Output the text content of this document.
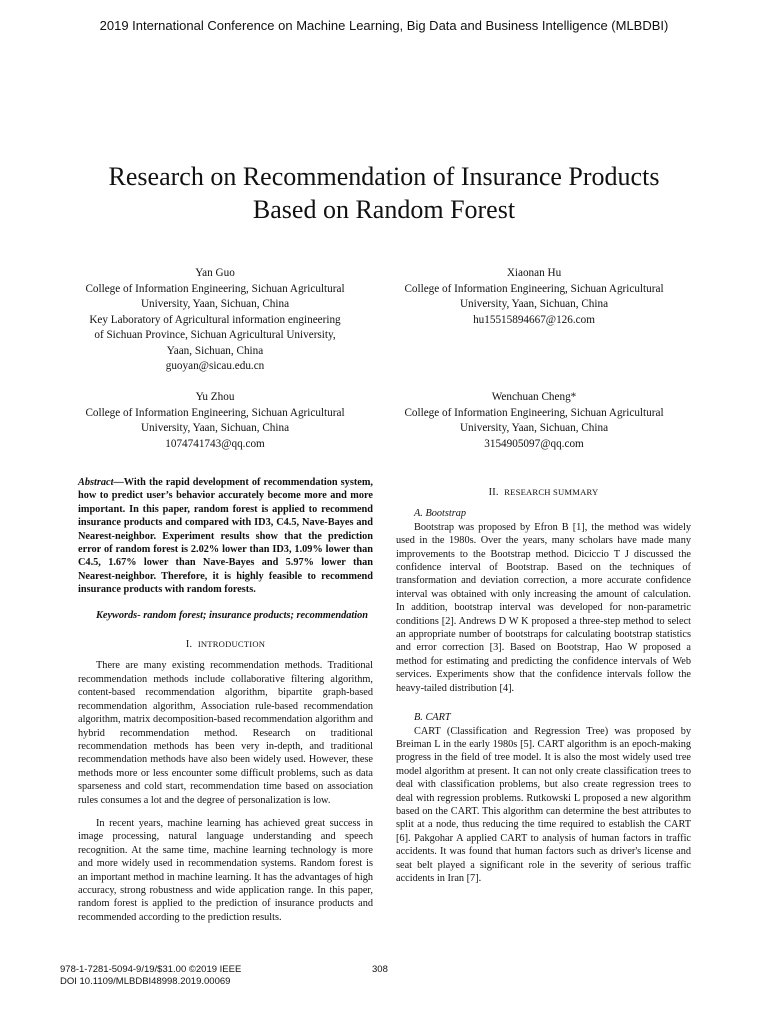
2019 International Conference on Machine Learning, Big Data and Business Intelligence (MLBDBI)
Research on Recommendation of Insurance Products
Based on Random Forest
Yan Guo
College of Information Engineering, Sichuan Agricultural
University, Yaan, Sichuan, China
Key Laboratory of Agricultural information engineering
of Sichuan Province, Sichuan Agricultural University,
Yaan, Sichuan, China
guoyan@sicau.edu.cn
Xiaonan Hu
College of Information Engineering, Sichuan Agricultural
University, Yaan, Sichuan, China
hu15515894667@126.com
Yu Zhou
College of Information Engineering, Sichuan Agricultural
University, Yaan, Sichuan, China
1074741743@qq.com
Wenchuan Cheng*
College of Information Engineering, Sichuan Agricultural
University, Yaan, Sichuan, China
3154905097@qq.com

Abstract—With the rapid development of recommendation system, how to predict user’s behavior accurately become more and more important. In this paper, random forest is applied to recommend insurance products and compared with ID3, C4.5, Nave-Bayes and Nearest-neighbor. Experiment results show that the prediction error of random forest is 2.02% lower than ID3, 1.09% lower than C4.5, 1.67% lower than Nave-Bayes and 5.97% lower than Nearest-neighbor. Therefore, it is highly feasible to recommend insurance products with random forests.

Keywords- random forest; insurance products; recommendation

I. INTRODUCTION

There are many existing recommendation methods. Traditional recommendation methods include collaborative filtering algorithm, content-based recommendation algorithm, bipartite graph-based recommendation algorithm, Association rule-based recommendation algorithm, matrix decomposition-based recommendation algorithm and hybrid recommendation method. Research on traditional recommendation methods has been very in-depth, and traditional recommendation methods have also been widely used. However, these methods more or less encounter some difficult problems, such as data sparseness and cold start, recommendation time based on association rules consumes a lot and the degree of personalization is low.

In recent years, machine learning has achieved great success in image processing, natural language understanding and speech recognition. At the same time, machine learning technology is more and more widely used in recommendation systems. Random forest is an important method in machine learning. It has the advantages of high accuracy, strong robustness and wide application range. In this paper, random forest is applied to the prediction of insurance products and recommended according to the prediction results.

II. RESEARCH SUMMARY

A. Bootstrap

Bootstrap was proposed by Efron B [1], the method was widely used in the 1980s. Over the years, many scholars have made many improvements to the Bootstrap method. Diciccio T J discussed the confidence interval of Bootstrap. Based on the techniques of transformation and deviation correction, a more accurate confidence interval was obtained with only increasing the amount of calculation. In addition, bootstrap interval was developed for non-parametric conditions [2]. Andrews D W K proposed a three-step method to select an appropriate number of bootstraps for calculating bootstrap statistics and error correction [3]. Based on Bootstrap, Hao W proposed a method for estimating and predicting the confidence intervals of Web services. Experiments show that the confidence intervals follow the heavy-tailed distribution [4].

B. CART

CART (Classification and Regression Tree) was proposed by Breiman L in the early 1980s [5]. CART algorithm is an epoch-making progress in the field of tree model. It is also the most widely used tree model algorithm at present. It can not only create classification trees to deal with classification problems, but also create regression trees to deal with regression problems. Rutkowski L proposed a new algorithm based on the CART. This algorithm can determine the best attributes to split at a node, thus reducing the time required to establish the CART [6]. Pakgohar A applied CART to analysis of human factors in traffic accidents. It was found that human factors such as driver's license and seat belt played a significant role in the severity of serious traffic accidents in Iran [7].

978-1-7281-5094-9/19/$31.00 ©2019 IEEE
DOI 10.1109/MLBDBI48998.2019.00069
308
